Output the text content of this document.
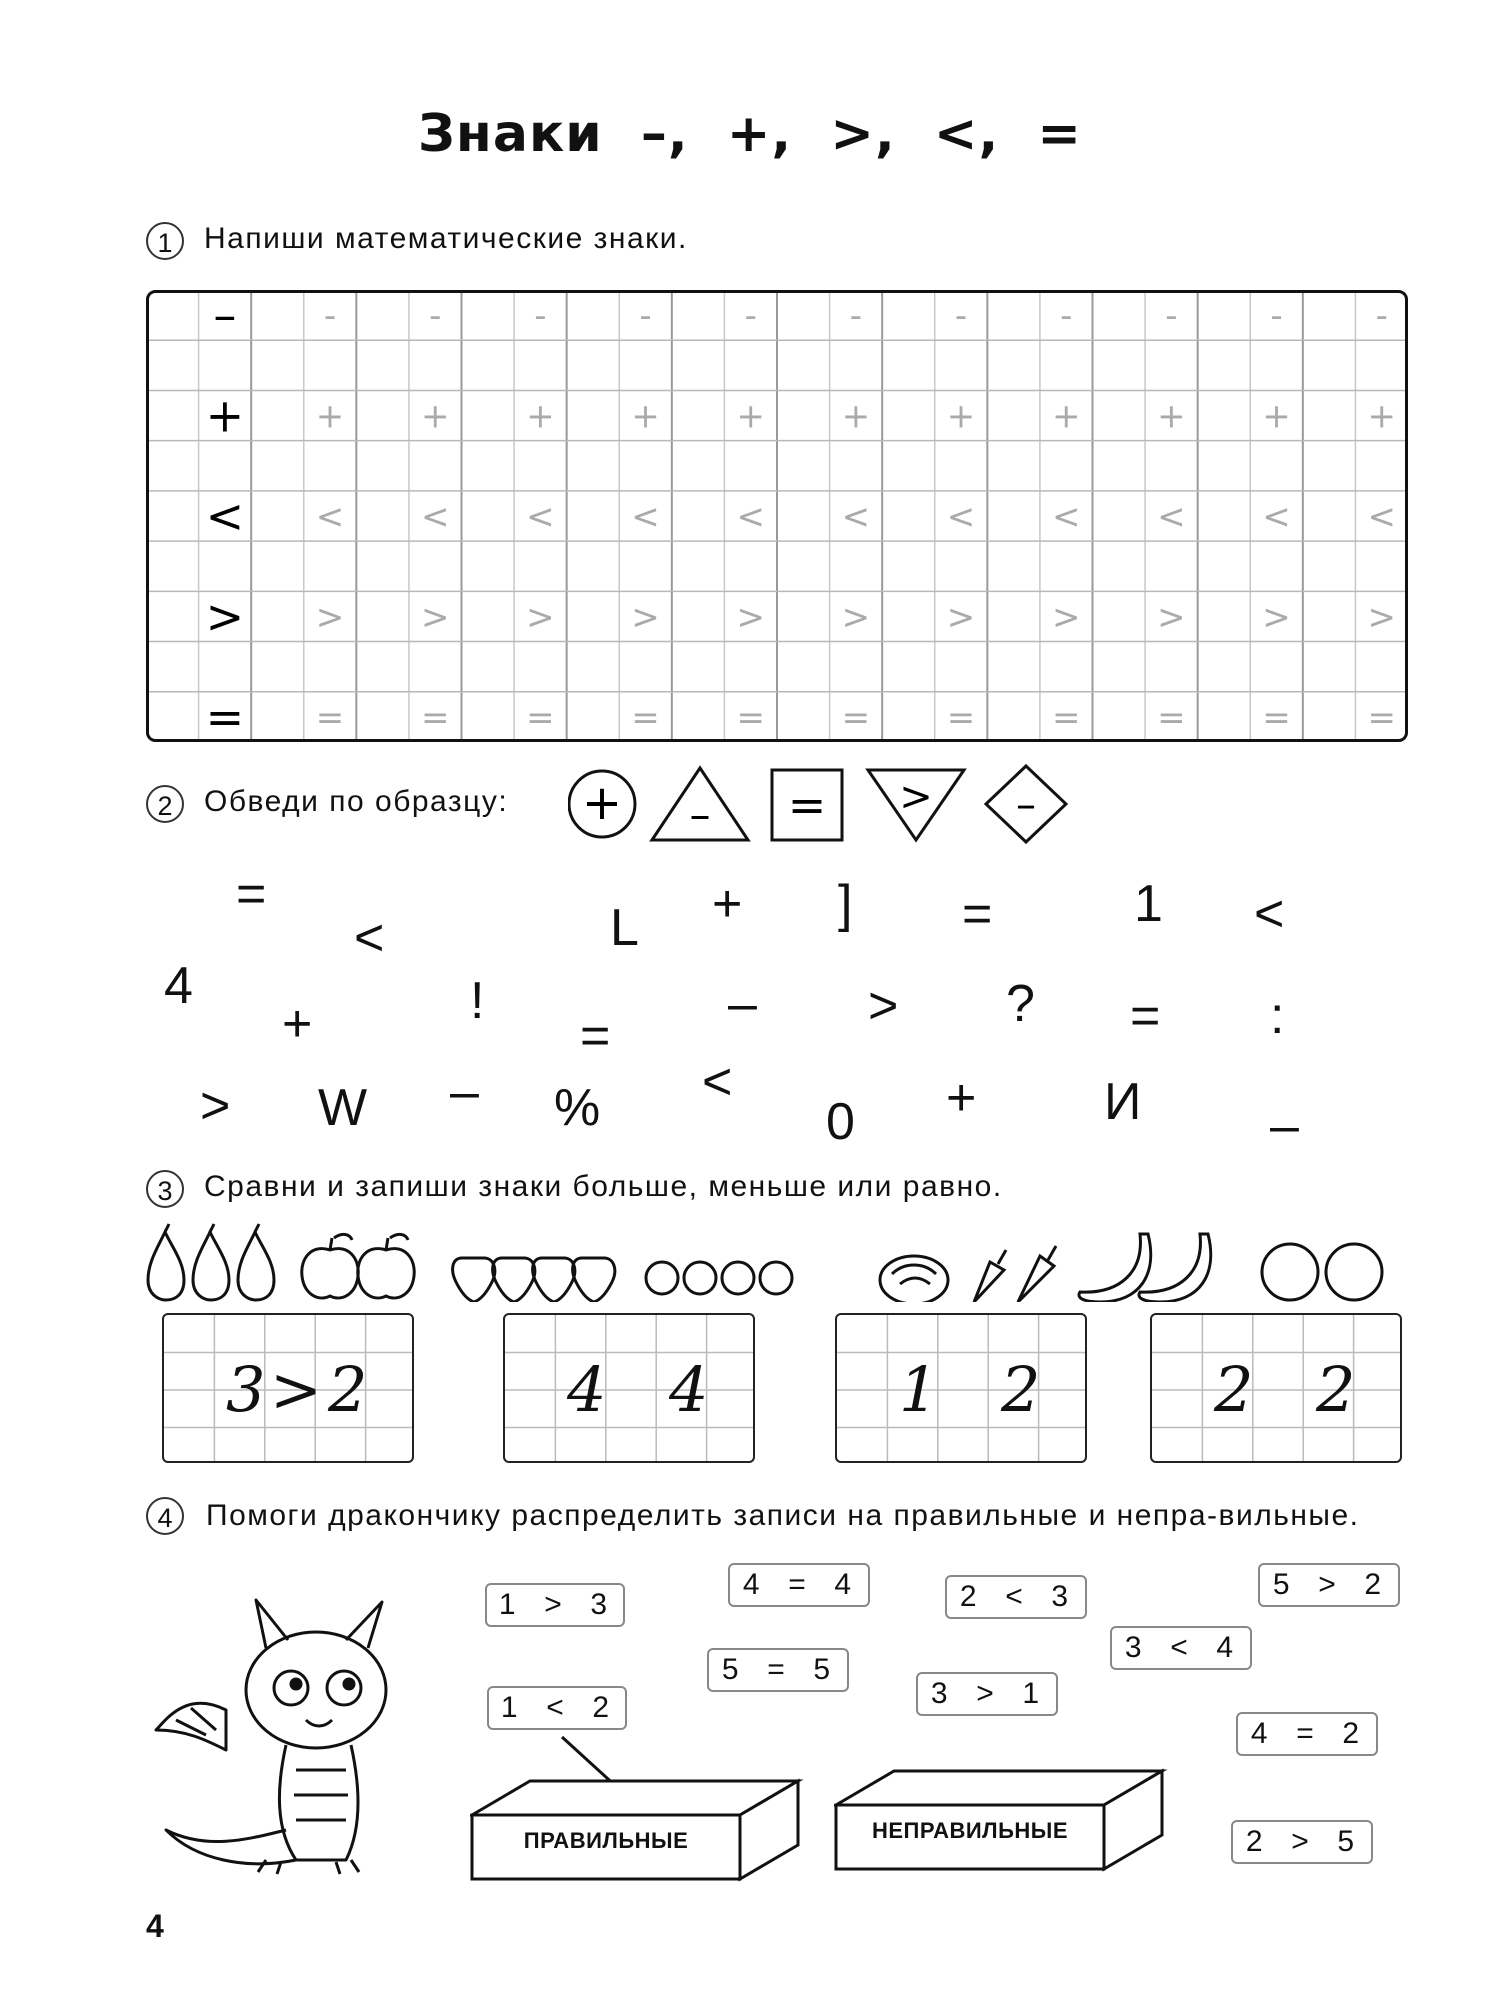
Знаки  –,  +,  >,  <,  =
1	Напиши математические знаки.
–	-	-	-	-	-	-	-	-	-	-	-
+ + + + + + + + + + + +
< < < < < < < < < < < <
> > > > > > > > > > > >
= = = = = = = = = = = =
2	Обведи по образцу: + – = > –
=
<	L + ] =	1 <
4
+	!
=
– > ? = :
> W – % <
0 + И –
3	Сравни и запиши знаки больше, меньше или равно.
3 > 2	4 4	1 2	2 2
4	Помоги дракончику распределить записи на правильные и непра-вильные.
1  >  3
4  =  4	2  <  3	5  >  2
5  =  5
3  <  4
1  <  2	3  >  1
4  =  2
2  >  5
ПРАВИЛЬНЫЕ	НЕПРАВИЛЬНЫЕ
4
